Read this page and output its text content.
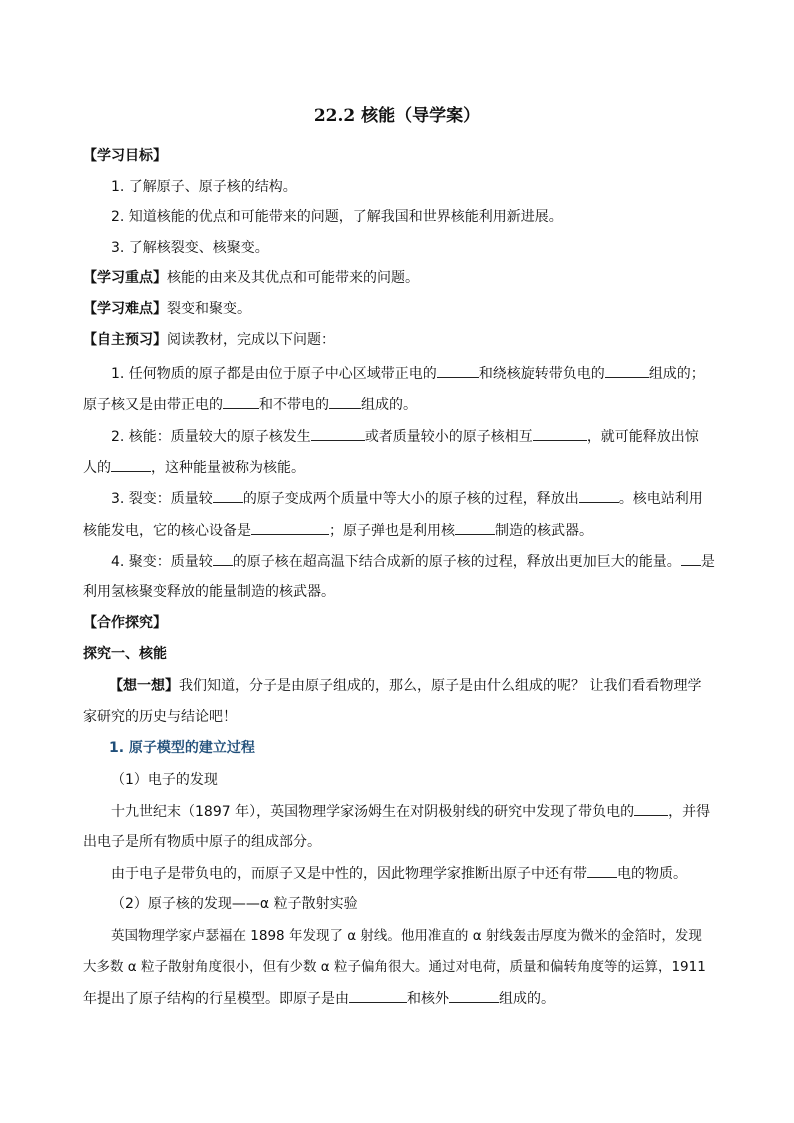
22.2 核能（导学案）
【学习目标】
1. 了解原子、原子核的结构。
2. 知道核能的优点和可能带来的问题，了解我国和世界核能利用新进展。
3. 了解核裂变、核聚变。
【学习重点】核能的由来及其优点和可能带来的问题。
【学习难点】裂变和聚变。
【自主预习】阅读教材，完成以下问题：
1. 任何物质的原子都是由位于原子中心区域带正电的	和绕核旋转带负电的	组成的；
原子核又是由带正电的	和不带电的 组成的。
2. 核能：质量较大的原子核发生	或者质量较小的原子核相互	，就可能释放出惊
人的	，这种能量被称为核能。
3. 裂变：质量较 的原子变成两个质量中等大小的原子核的过程，释放出	。核电站利用
核能发电，它的核心设备是	；原子弹也是利用核	制造的核武器。
4. 聚变：质量较 的原子核在超高温下结合成新的原子核的过程，释放出更加巨大的能量。 是
利用氢核聚变释放的能量制造的核武器。
【合作探究】
探究一、核能
【想一想】我们知道，分子是由原子组成的，那么，原子是由什么组成的呢？ 让我们看看物理学
家研究的历史与结论吧！
1. 原子模型的建立过程
（1）电子的发现
十九世纪末（1897 年），英国物理学家汤姆生在对阴极射线的研究中发现了带负电的 ，并得
出电子是所有物质中原子的组成部分。
由于电子是带负电的，而原子又是中性的，因此物理学家推断出原子中还有带 电的物质。
（2）原子核的发现——α 粒子散射实验
英国物理学家卢瑟福在 1898 年发现了 α 射线。他用准直的 α 射线轰击厚度为微米的金箔时，发现
大多数 α 粒子散射角度很小，但有少数 α 粒子偏角很大。通过对电荷，质量和偏转角度等的运算，1911
年提出了原子结构的行星模型。即原子是由	和核外	组成的。
